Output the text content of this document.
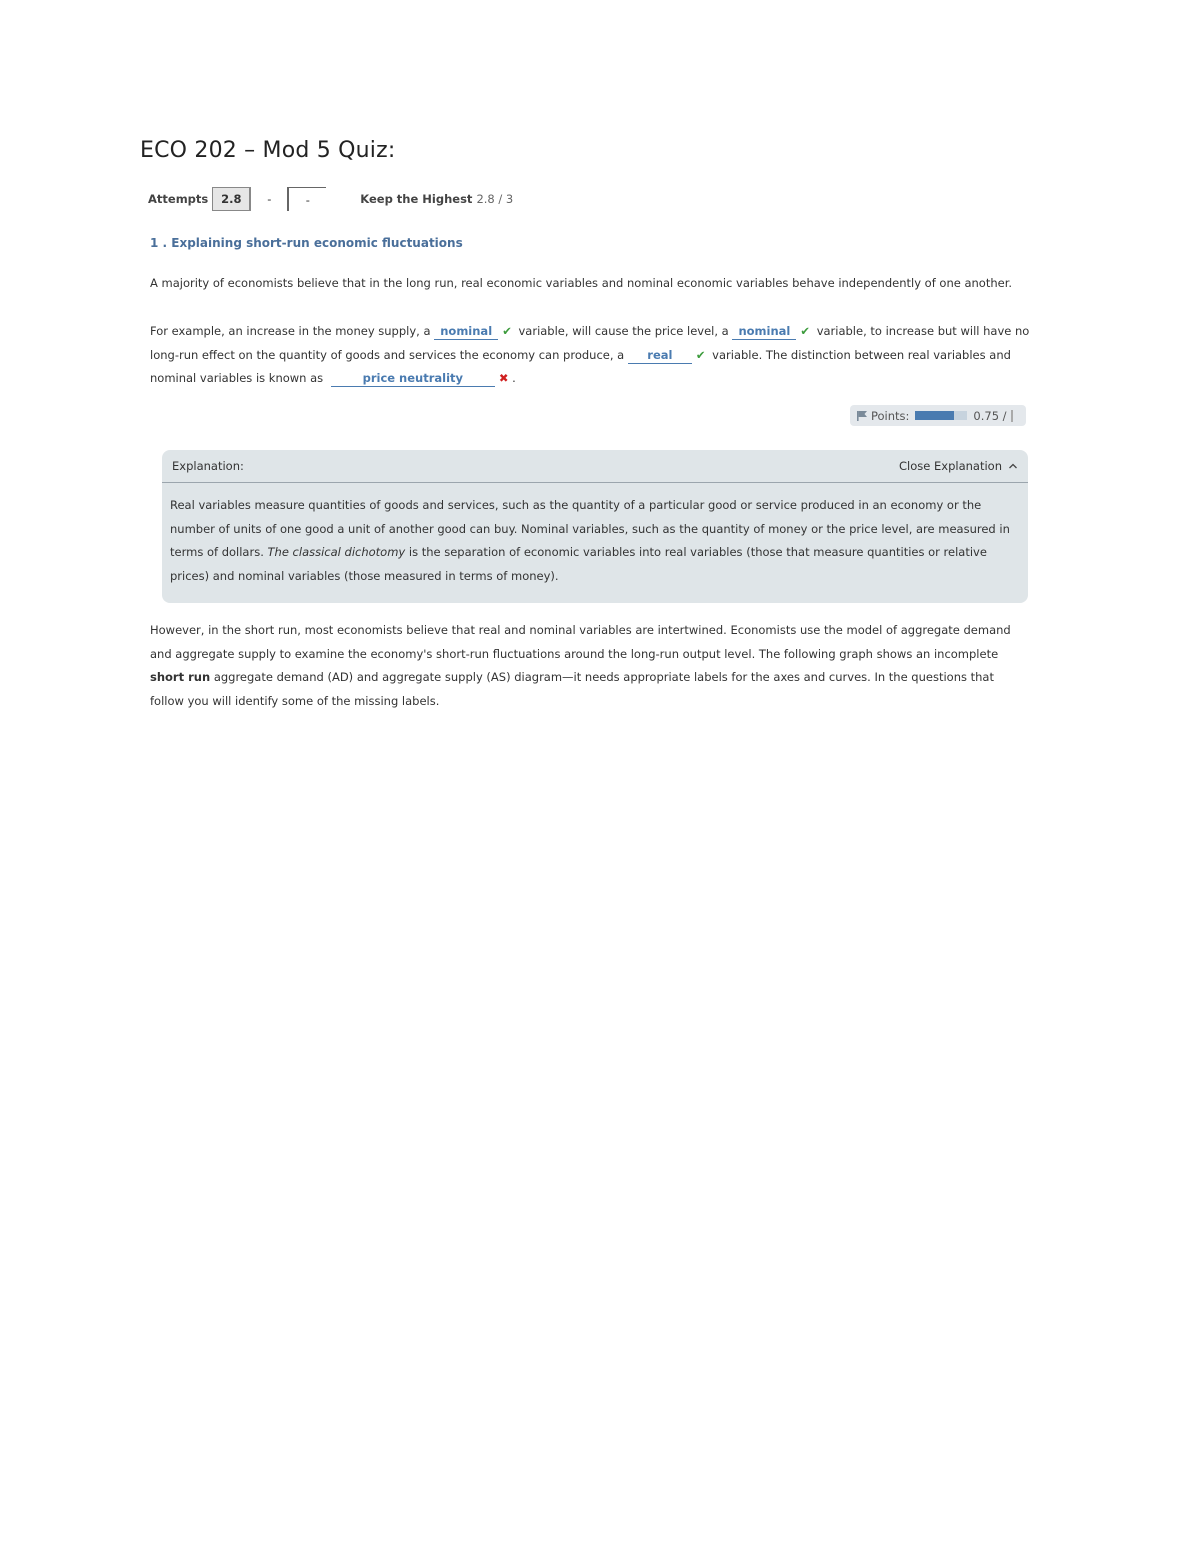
ECO 202 – Mod 5 Quiz:
Attempts	2.8	-	-	Keep the Highest 2.8 / 3
1 . Explaining short-run economic fluctuations
A majority of economists believe that in the long run, real economic variables and nominal economic variables behave independently of one another.
For example, an increase in the money supply, a nominal ✔ variable, will cause the price level, a nominal ✔ variable, to increase but will have no long-run effect on the quantity of goods and services the economy can produce, a real ✔ variable. The distinction between real variables and nominal variables is known as	price neutrality	✖ .
Points:	0.75 /
Explanation:	Close Explanation
Real variables measure quantities of goods and services, such as the quantity of a particular good or service produced in an economy or the number of units of one good a unit of another good can buy. Nominal variables, such as the quantity of money or the price level, are measured in terms of dollars. The classical dichotomy is the separation of economic variables into real variables (those that measure quantities or relative prices) and nominal variables (those measured in terms of money).
However, in the short run, most economists believe that real and nominal variables are intertwined. Economists use the model of aggregate demand and aggregate supply to examine the economy's short-run fluctuations around the long-run output level. The following graph shows an incomplete short run aggregate demand (AD) and aggregate supply (AS) diagram—it needs appropriate labels for the axes and curves. In the questions that follow you will identify some of the missing labels.
